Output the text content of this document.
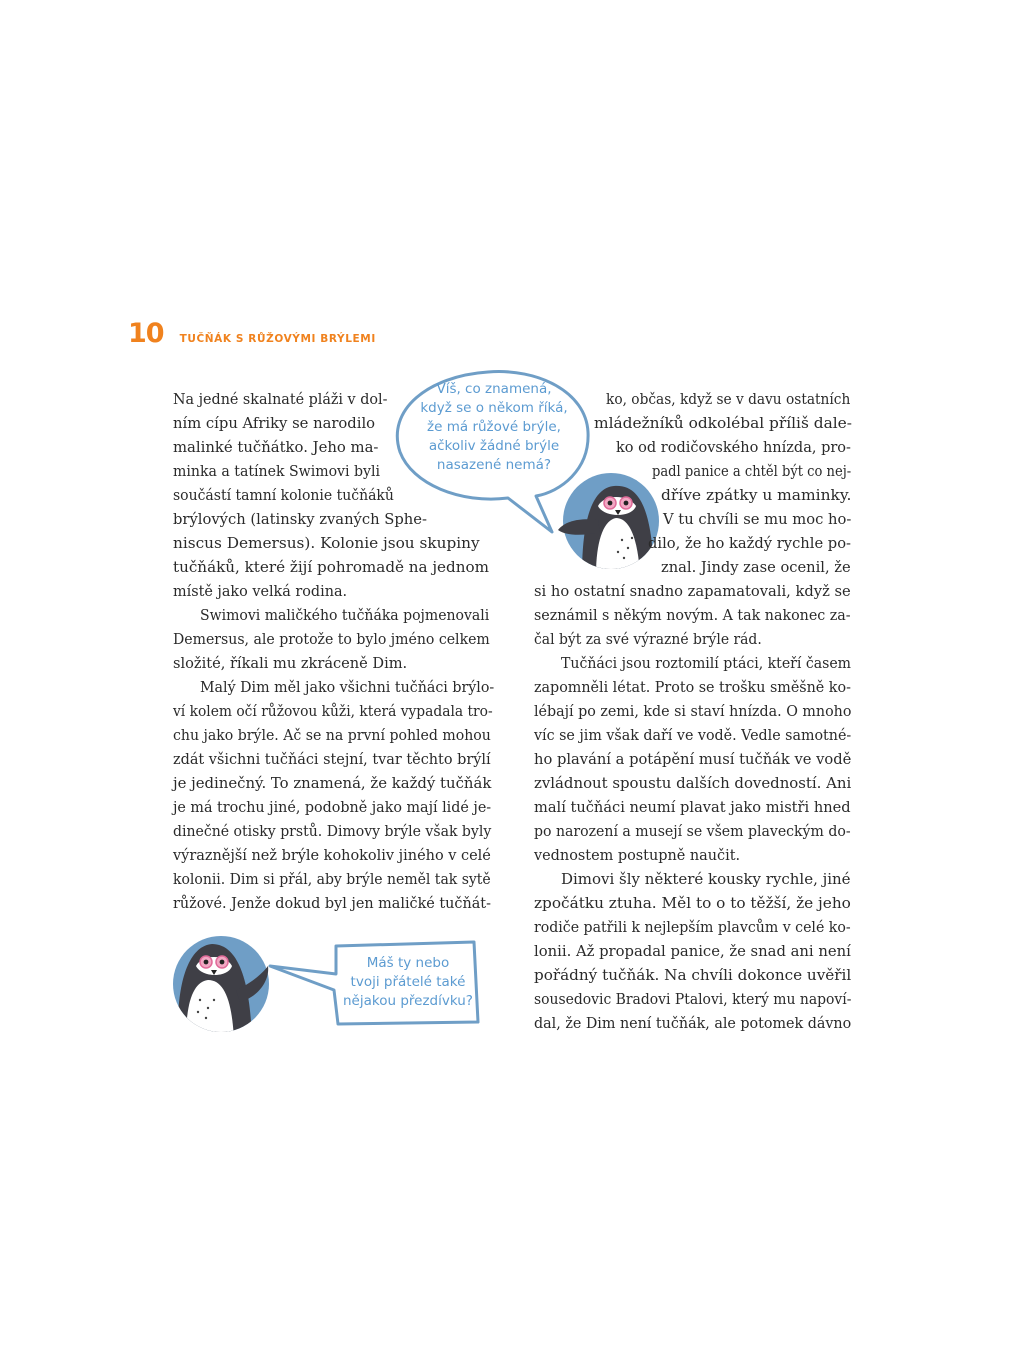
10 TUČŇÁK S RŮŽOVÝMI BRÝLEMI
Víš, co znamená,
když se o někom říká,
že má růžové brýle,
ačkoliv žádné brýle
nasazené nemá?
Máš ty nebo
tvoji přátelé také
nějakou přezdívku?
Na jedné skalnaté pláži v dol-
ním cípu Afriky se narodilo
malinké tučňátko. Jeho ma-
minka a tatínek Swimovi byli
součástí tamní kolonie tučňáků
brýlových (latinsky zvaných Sphe-
niscus Demersus). Kolonie jsou skupiny
tučňáků, které žijí pohromadě na jednom
místě jako velká rodina.
Swimovi maličkého tučňáka pojmenovali
Demersus, ale protože to bylo jméno celkem
složité, říkali mu zkráceně Dim.
Malý Dim měl jako všichni tučňáci brýlo-
ví kolem očí růžovou kůži, která vypadala tro-
chu jako brýle. Ač se na první pohled mohou
zdát všichni tučňáci stejní, tvar těchto brýlí
je jedinečný. To znamená, že každý tučňák
je má trochu jiné, podobně jako mají lidé je-
dinečné otisky prstů. Dimovy brýle však byly
výraznější než brýle kohokoliv jiného v celé
kolonii. Dim si přál, aby brýle neměl tak sytě
růžové. Jenže dokud byl jen maličké tučňát-
ko, občas, když se v davu ostatních
mládežníků odkolébal příliš dale-
ko od rodičovského hnízda, pro-
padl panice a chtěl být co nej-
dříve zpátky u maminky.
V tu chvíli se mu moc ho-
dilo, že ho každý rychle po-
znal. Jindy zase ocenil, že
si ho ostatní snadno zapamatovali, když se
seznámil s někým novým. A tak nakonec za-
čal být za své výrazné brýle rád.
Tučňáci jsou roztomilí ptáci, kteří časem
zapomněli létat. Proto se trošku směšně ko-
lébají po zemi, kde si staví hnízda. O mnoho
víc se jim však daří ve vodě. Vedle samotné-
ho plavání a potápění musí tučňák ve vodě
zvládnout spoustu dalších dovedností. Ani
malí tučňáci neumí plavat jako mistři hned
po narození a musejí se všem plaveckým do-
vednostem postupně naučit.
Dimovi šly některé kousky rychle, jiné
zpočátku ztuha. Měl to o to těžší, že jeho
rodiče patřili k nejlepším plavcům v celé ko-
lonii. Až propadal panice, že snad ani není
pořádný tučňák. Na chvíli dokonce uvěřil
sousedovic Bradovi Ptalovi, který mu napoví-
dal, že Dim není tučňák, ale potomek dávno
